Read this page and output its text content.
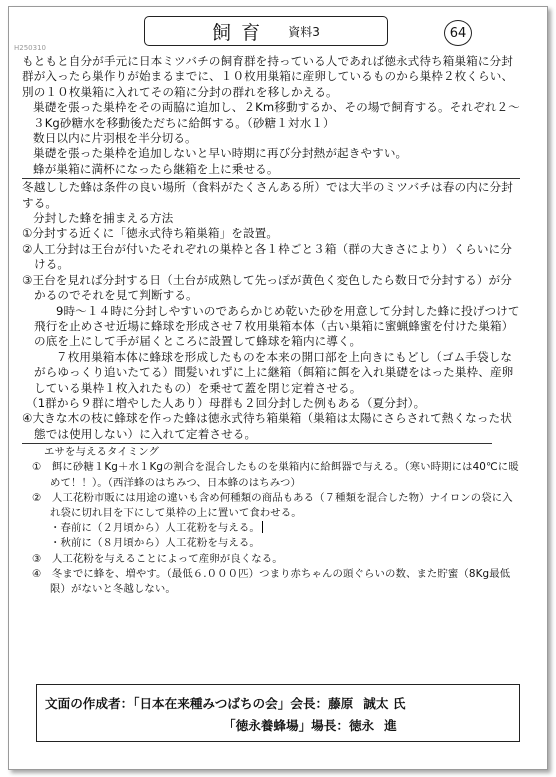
飼育 資料3	64
H250310

もともと自分が手元に日本ミツバチの飼育群を持っている人であれば徳永式待ち箱巣箱に分封群が入ったら巣作りが始まるまでに、１０枚用巣箱に産卵しているものから巣枠２枚くらい、別の１０枚巣箱に入れてその箱に分封の群れを移しかえる。

巣礎を張った巣枠をその両脇に追加し、２Km移動するか、その場で飼育する。それぞれ２～３Kg砂糖水を移動後ただちに給餌する。（砂糖１対水１）

数日以内に片羽根を半分切る。

巣礎を張った巣枠を追加しないと早い時期に再び分封熱が起きやすい。

蜂が巣箱に満杯になったら継箱を上に乗せる。

冬越しした蜂は条件の良い場所（食料がたくさんある所）では大半のミツバチは春の内に分封する。

分封した蜂を捕まえる方法

①分封する近くに「徳永式待ち箱巣箱」を設置。

②人工分封は王台が付いたそれぞれの巣枠と各１枠ごと３箱（群の大きさにより）くらいに分ける。

③王台を見れば分封する日（土台が成熟して先っぽが黄色く変色したら数日で分封する）が分かるのでそれを見て判断する。

9時～１４時に分封しやすいのであらかじめ乾いた砂を用意して分封した蜂に投げつけて飛行を止めさせ近場に蜂球を形成させ７枚用巣箱本体（古い巣箱に蜜蝋蜂蜜を付けた巣箱）の底を上にして手が届くところに設置して蜂球を箱内に導く。

７枚用巣箱本体に蜂球を形成したものを本来の開口部を上向きにもどし（ゴム手袋しながらゆっくり追いたてる）間髪いれずに上に継箱（餌箱に餌を入れ巣礎をはった巣枠、産卵している巣枠１枚入れたもの）を乗せて蓋を閉じ定着させる。

（1群から９群に増やした人あり）母群も２回分封した例もある（夏分封）。

④大きな木の枝に蜂球を作った蜂は徳永式待ち箱巣箱（巣箱は太陽にさらされて熱くなった状態では使用しない）に入れて定着させる。

エサを与えるタイミング

①　餌に砂糖１Kg＋水１Kgの割合を混合したものを巣箱内に給餌器で与える。（寒い時期には40℃に暖めて！！）。（西洋蜂のはちみつ、日本蜂のはちみつ）

②　人工花粉市販には用途の違いも含め何種類の商品もある（７種類を混合した物）ナイロンの袋に入れ袋に切れ目を下にして巣枠の上に置いて食わせる。

・春前に（２月頃から）人工花粉を与える。

・秋前に（８月頃から）人工花粉を与える。

③　人工花粉を与えることによって産卵が良くなる。

④　冬までに蜂を、増やす。（最低６.０００匹）つまり赤ちゃんの頭ぐらいの数、また貯蜜（8Kg最低限）がないと冬越しない。

文面の作成者：「日本在来種みつばちの会」会長：藤原 誠太 氏
「徳永養蜂場」場長：徳永 進
